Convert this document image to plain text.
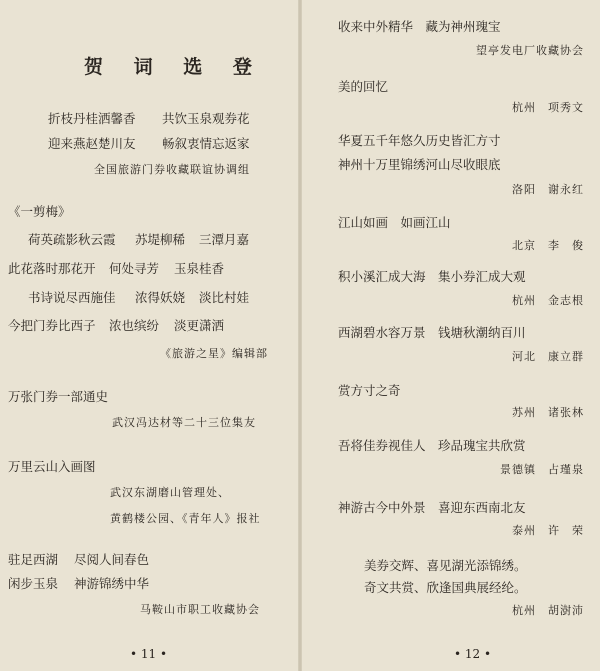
贺 词 选 登
折枝丹桂洒馨香 共饮玉泉观券花
迎来燕赵楚川友 畅叙衷情忘返家
全国旅游门券收藏联谊协调组
《一剪梅》
荷英疏影秋云霞 苏堤柳稀 三潭月嘉
此花落时那花开 何处寻芳 玉泉桂香
书诗说尽西施佳 浓得妖娆 淡比村娃
今把门券比西子 浓也缤纷 淡更潇洒
《旅游之星》编辑部
万张门券一部通史
武汉冯达材等二十三位集友
万里云山入画图
武汉东湖磨山管理处、
黄鹤楼公园、《青年人》报社
驻足西湖 尽阅人间春色
闲步玉泉 神游锦绣中华
马鞍山市职工收藏协会
• 11 •
收来中外精华　藏为神州瑰宝
望亭发电厂收藏协会
美的回忆
杭州　项秀文
华夏五千年悠久历史皆汇方寸
神州十万里锦绣河山尽收眼底
洛阳　谢永红
江山如画　如画江山
北京　李　俊
积小溪汇成大海　集小券汇成大观
杭州　金志根
西湖碧水容万景　钱塘秋潮纳百川
河北　康立群
赏方寸之奇
苏州　诸张林
吾将佳券视佳人　珍品瑰宝共欣赏
景德镇　占瑾泉
神游古今中外景　喜迎东西南北友
泰州　许　荣
美券交辉、喜见湖光添锦绣。
奇文共赏、欣逢国典展经纶。
杭州　胡澍沛
• 12 •
